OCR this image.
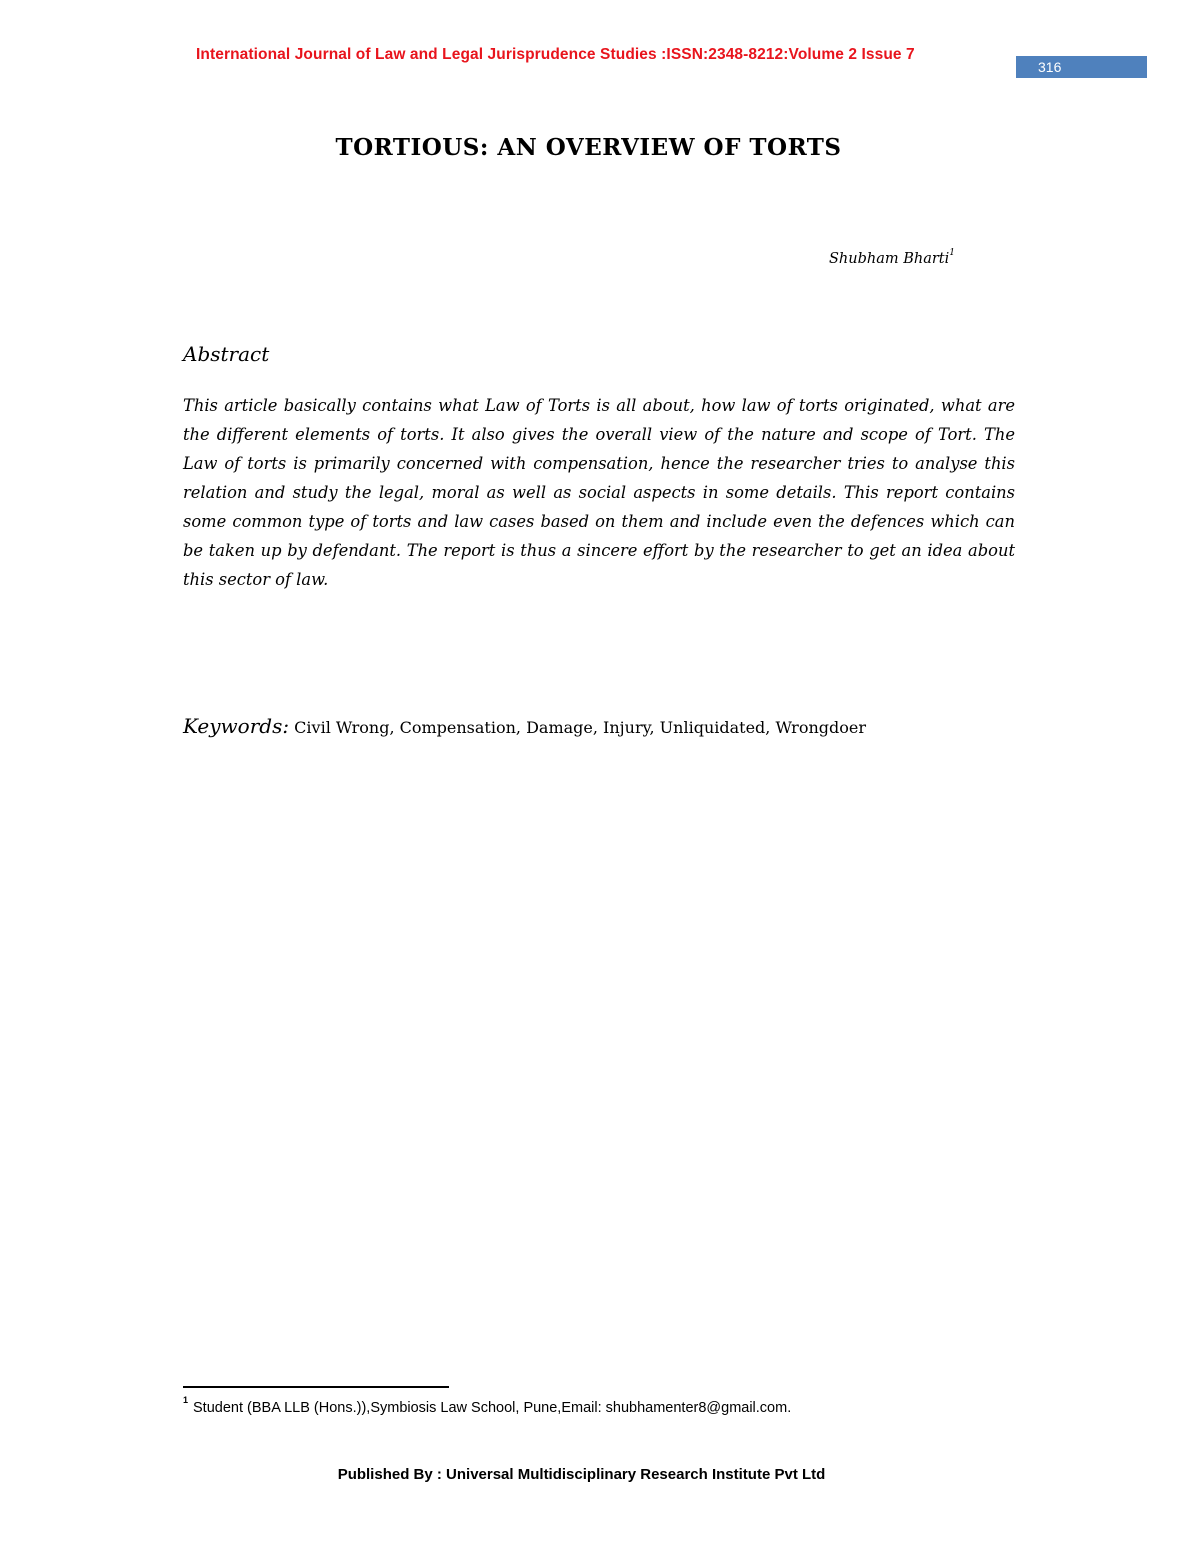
International Journal of Law and Legal Jurisprudence Studies :ISSN:2348-8212:Volume 2 Issue 7
316
TORTIOUS: AN OVERVIEW OF TORTS
Shubham Bharti$^1$
Abstract
This article basically contains what Law of Torts is all about, how law of torts originated, what are the different elements of torts. It also gives the overall view of the nature and scope of Tort. The Law of torts is primarily concerned with compensation, hence the researcher tries to analyse this relation and study the legal, moral as well as social aspects in some details. This report contains some common type of torts and law cases based on them and include even the defences which can be taken up by defendant. The report is thus a sincere effort by the researcher to get an idea about this sector of law.
Keywords: Civil Wrong, Compensation, Damage, Injury, Unliquidated, Wrongdoer
$^1$ Student (BBA LLB (Hons.)),Symbiosis Law School, Pune,Email: shubhamenter8@gmail.com.
Published By : Universal Multidisciplinary Research Institute Pvt Ltd
